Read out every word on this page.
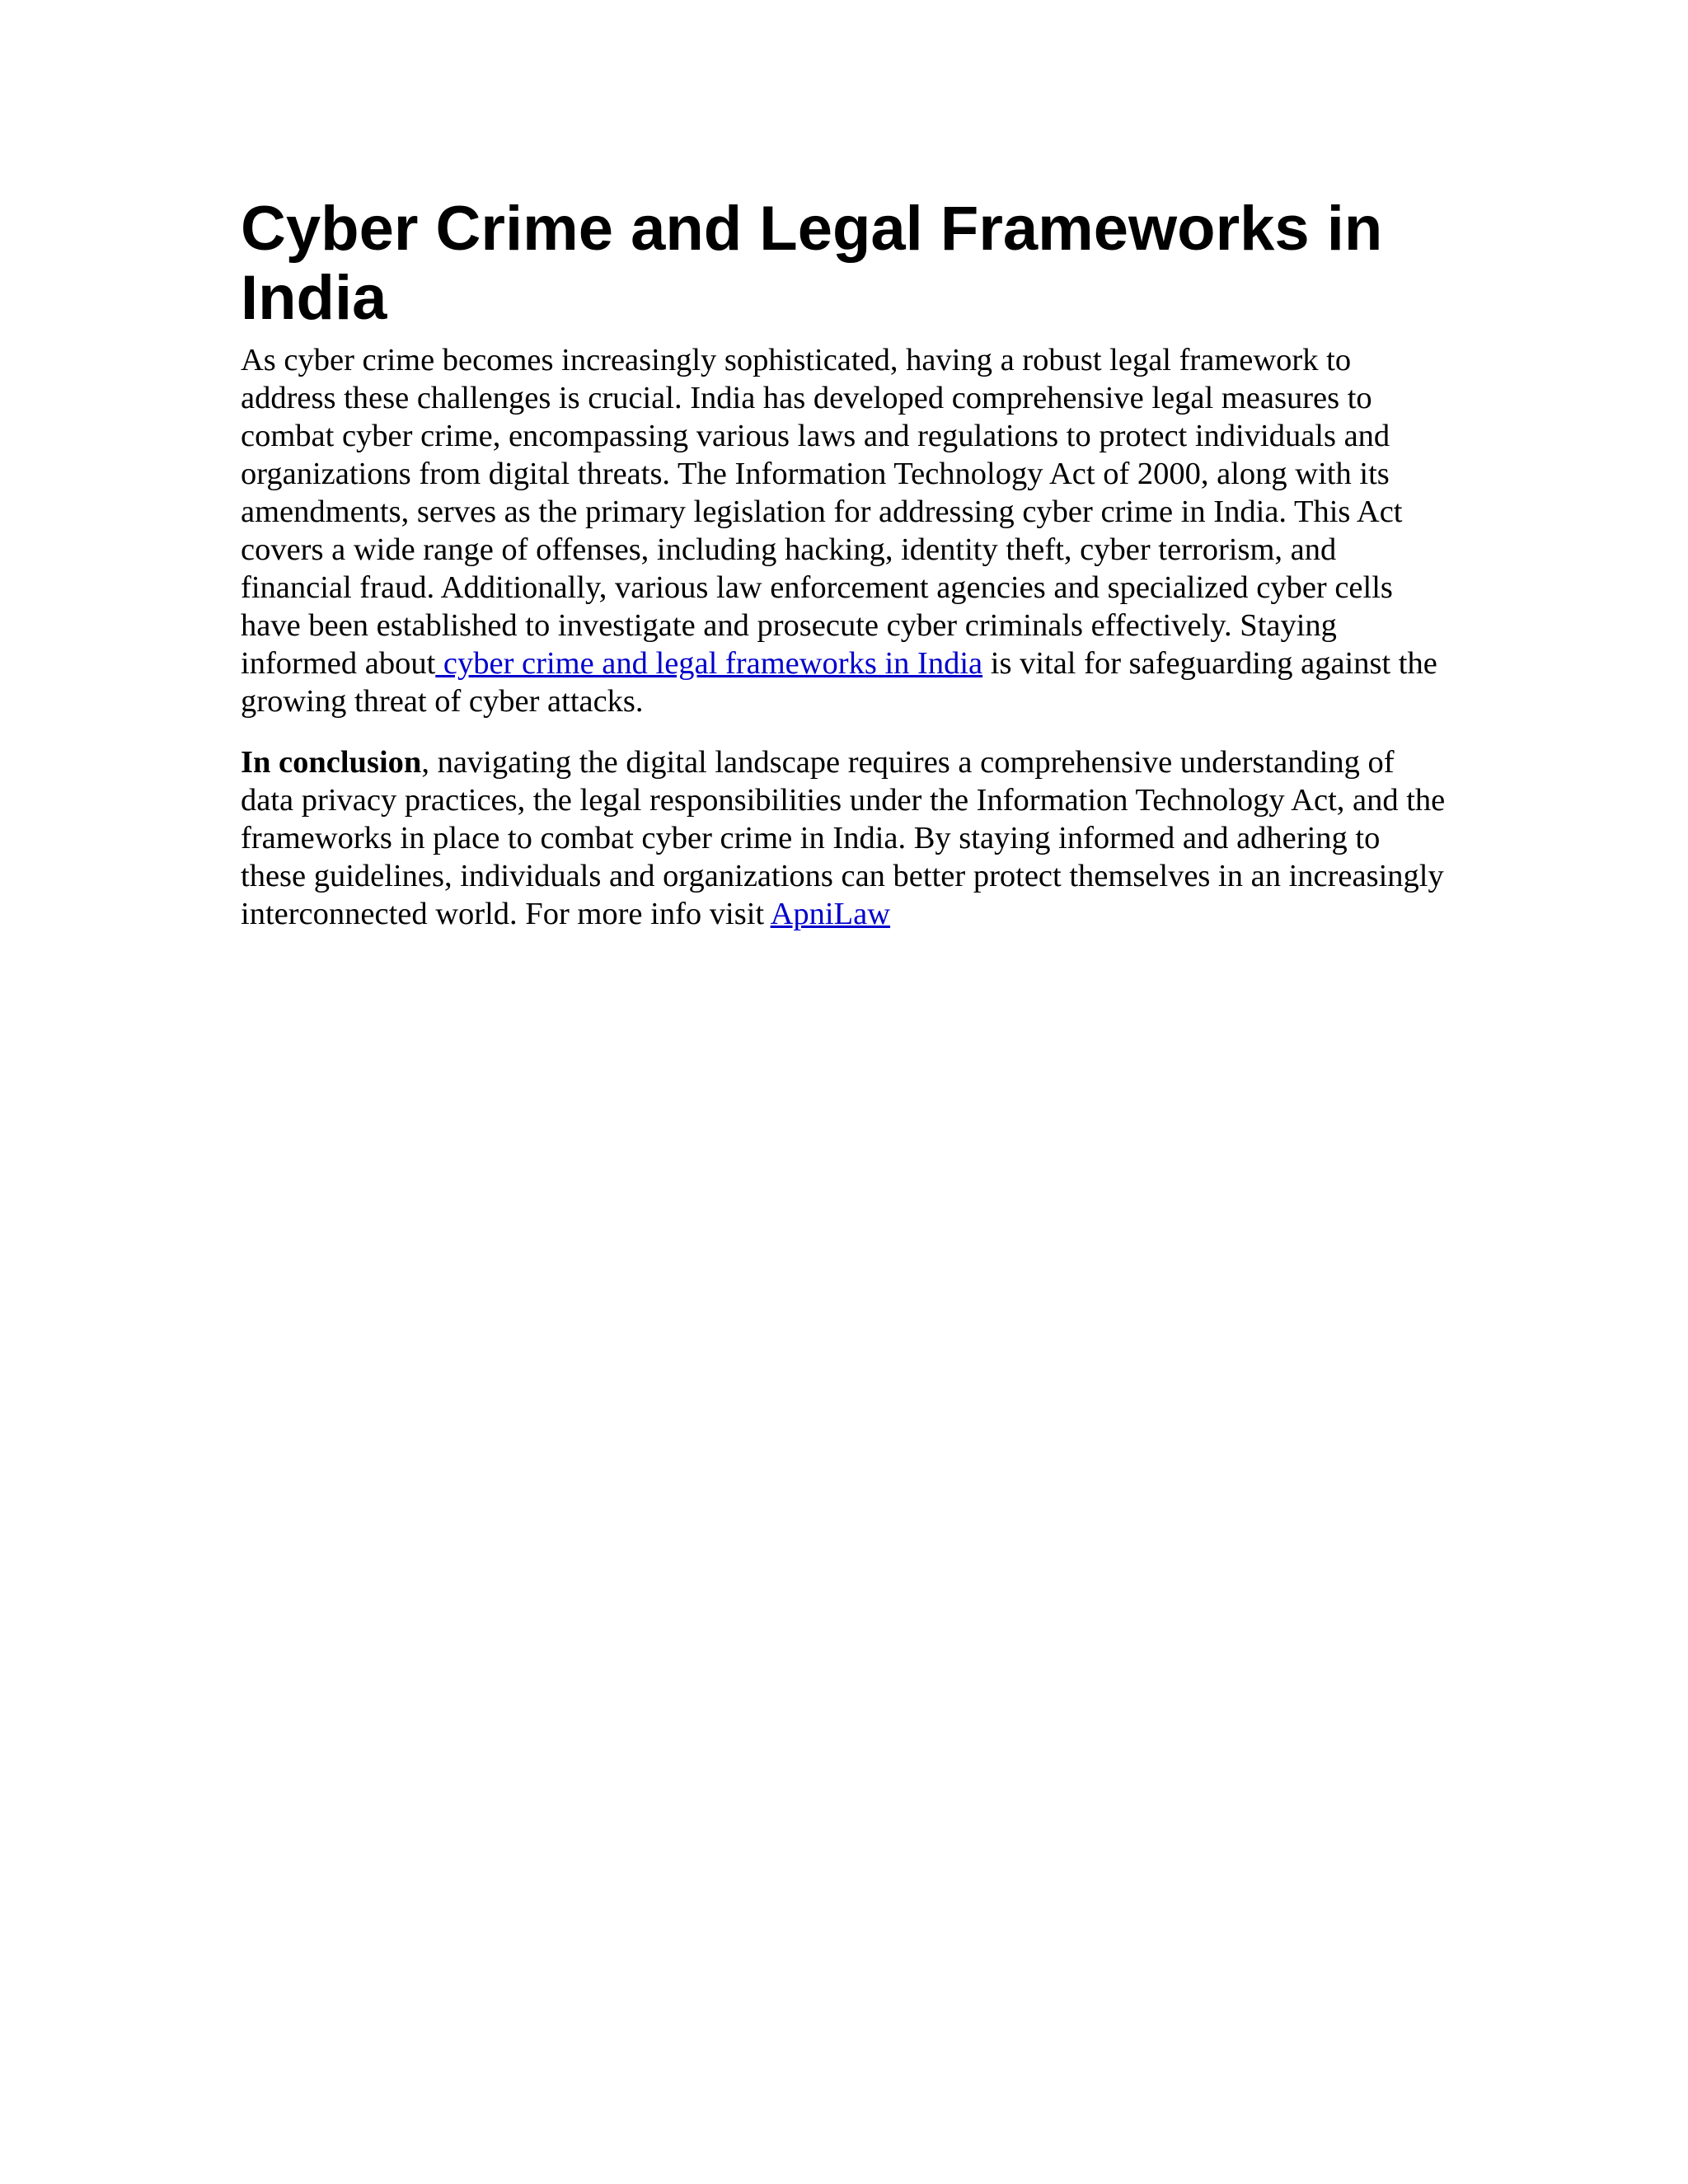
Cyber Crime and Legal Frameworks in India

As cyber crime becomes increasingly sophisticated, having a robust legal framework to address these challenges is crucial. India has developed comprehensive legal measures to combat cyber crime, encompassing various laws and regulations to protect individuals and organizations from digital threats. The Information Technology Act of 2000, along with its amendments, serves as the primary legislation for addressing cyber crime in India. This Act covers a wide range of offenses, including hacking, identity theft, cyber terrorism, and financial fraud. Additionally, various law enforcement agencies and specialized cyber cells have been established to investigate and prosecute cyber criminals effectively. Staying informed about cyber crime and legal frameworks in India is vital for safeguarding against the growing threat of cyber attacks.

In conclusion, navigating the digital landscape requires a comprehensive understanding of data privacy practices, the legal responsibilities under the Information Technology Act, and the frameworks in place to combat cyber crime in India. By staying informed and adhering to these guidelines, individuals and organizations can better protect themselves in an increasingly interconnected world. For more info visit ApniLaw
